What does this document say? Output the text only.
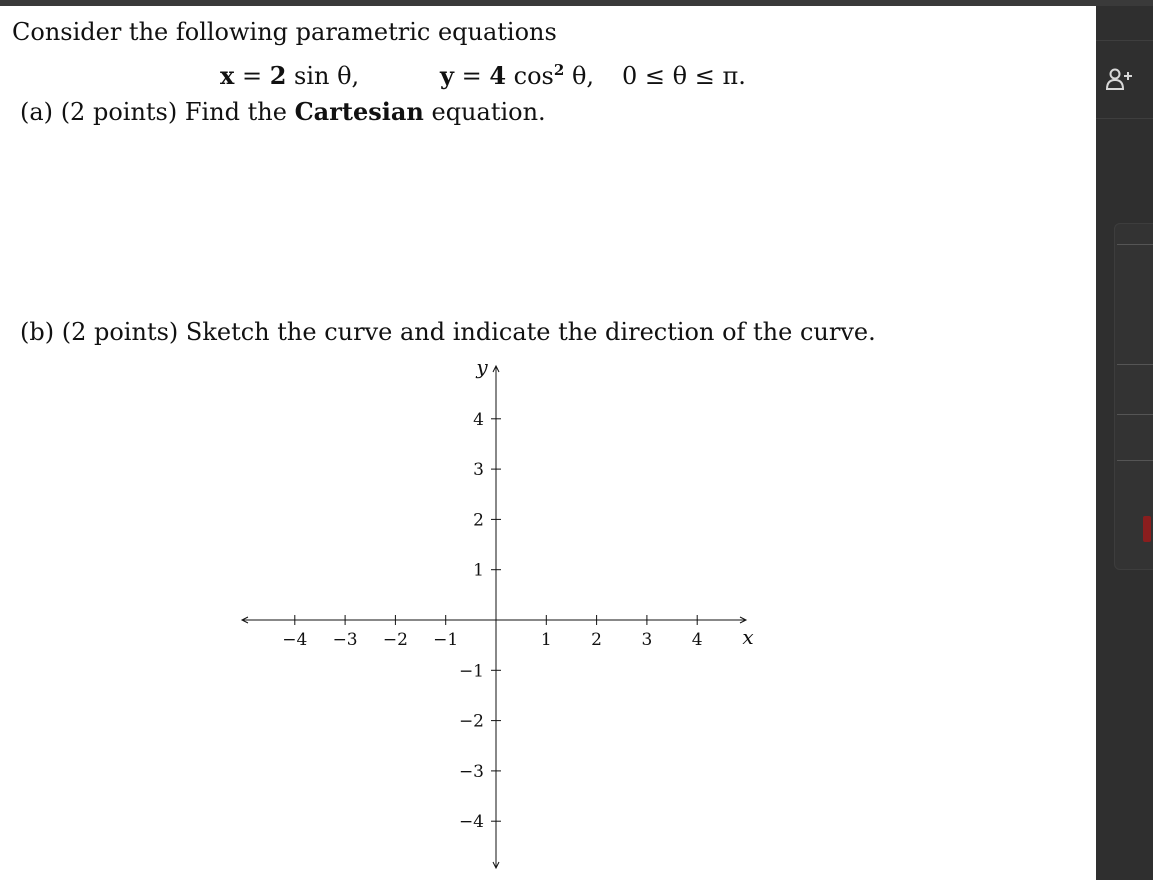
Consider the following parametric equations
x = 2 sin θ,	y = 4 $\cos^2 \theta$, 0 ≤ θ ≤ π.
(a) (2 points) Find the Cartesian equation.
(b) (2 points) Sketch the curve and indicate the direction of the curve.
−4 −3 −2 −1	1 2 3 4
−4
−3
−2
−1
1
2
3
4
x
y
